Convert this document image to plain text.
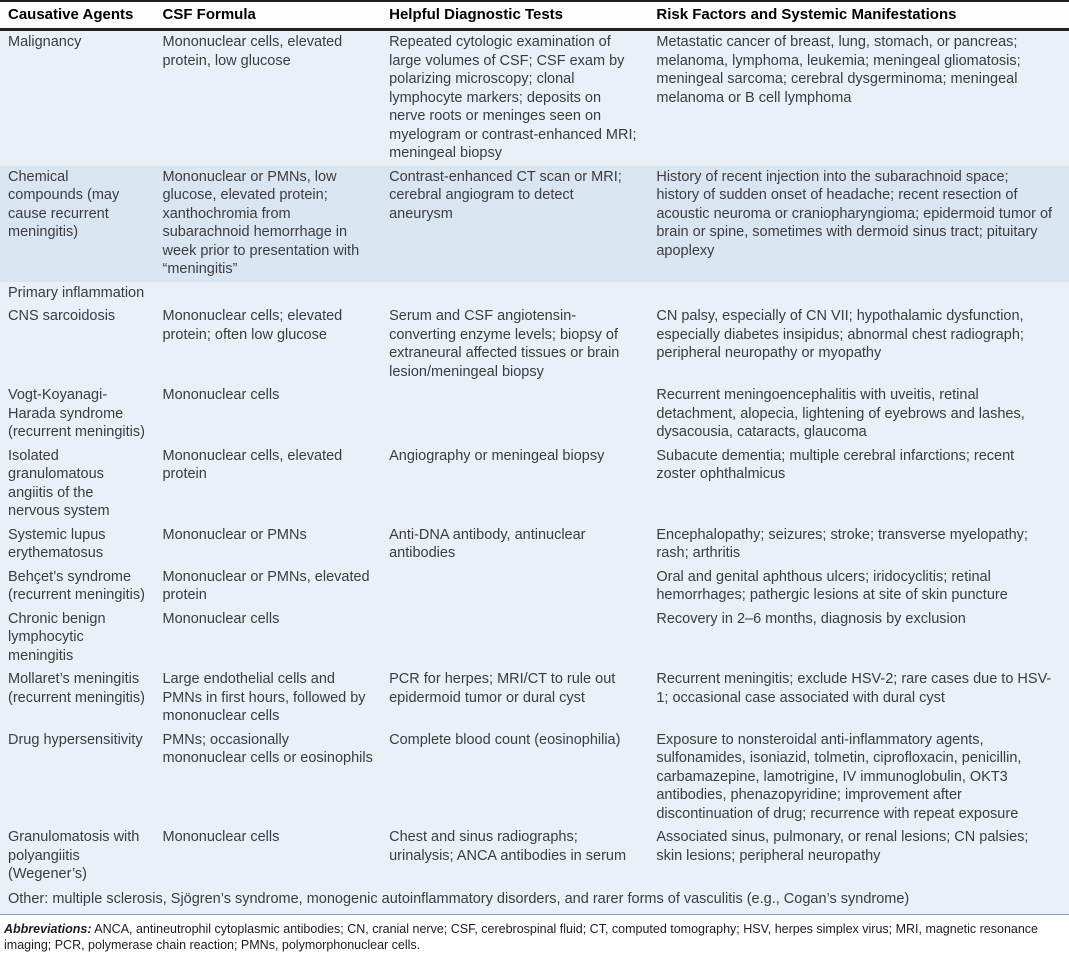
Causative Agents	CSF Formula	Helpful Diagnostic Tests	Risk Factors and Systemic Manifestations
Malignancy	Mononuclear cells, elevated protein, low glucose	Repeated cytologic examination of large volumes of CSF; CSF exam by polarizing microscopy; clonal lymphocyte markers; deposits on nerve roots or meninges seen on myelogram or contrast-enhanced MRI; meningeal biopsy	Metastatic cancer of breast, lung, stomach, or pancreas; melanoma, lymphoma, leukemia; meningeal gliomatosis; meningeal sarcoma; cerebral dysgerminoma; meningeal melanoma or B cell lymphoma
Chemical compounds (may cause recurrent meningitis)	Mononuclear or PMNs, low glucose, elevated protein; xanthochromia from subarachnoid hemorrhage in week prior to presentation with “meningitis”	Contrast-enhanced CT scan or MRI; cerebral angiogram to detect aneurysm	History of recent injection into the subarachnoid space; history of sudden onset of headache; recent resection of acoustic neuroma or craniopharyngioma; epidermoid tumor of brain or spine, sometimes with dermoid sinus tract; pituitary apoplexy
Primary inflammation			
CNS sarcoidosis	Mononuclear cells; elevated protein; often low glucose	Serum and CSF angiotensin-converting enzyme levels; biopsy of extraneural affected tissues or brain lesion/meningeal biopsy	CN palsy, especially of CN VII; hypothalamic dysfunction, especially diabetes insipidus; abnormal chest radiograph; peripheral neuropathy or myopathy
Vogt-Koyanagi-Harada syndrome (recurrent meningitis)	Mononuclear cells		Recurrent meningoencephalitis with uveitis, retinal detachment, alopecia, lightening of eyebrows and lashes, dysacousia, cataracts, glaucoma
Isolated granulomatous angiitis of the nervous system	Mononuclear cells, elevated protein	Angiography or meningeal biopsy	Subacute dementia; multiple cerebral infarctions; recent zoster ophthalmicus
Systemic lupus erythematosus	Mononuclear or PMNs	Anti-DNA antibody, antinuclear antibodies	Encephalopathy; seizures; stroke; transverse myelopathy; rash; arthritis
Behçet’s syndrome (recurrent meningitis)	Mononuclear or PMNs, elevated protein		Oral and genital aphthous ulcers; iridocyclitis; retinal hemorrhages; pathergic lesions at site of skin puncture
Chronic benign lymphocytic meningitis	Mononuclear cells		Recovery in 2–6 months, diagnosis by exclusion
Mollaret’s meningitis (recurrent meningitis)	Large endothelial cells and PMNs in first hours, followed by mononuclear cells	PCR for herpes; MRI/CT to rule out epidermoid tumor or dural cyst	Recurrent meningitis; exclude HSV-2; rare cases due to HSV-1; occasional case associated with dural cyst
Drug hypersensitivity	PMNs; occasionally mononuclear cells or eosinophils	Complete blood count (eosinophilia)	Exposure to nonsteroidal anti-inflammatory agents, sulfonamides, isoniazid, tolmetin, ciprofloxacin, penicillin, carbamazepine, lamotrigine, IV immunoglobulin, OKT3 antibodies, phenazopyridine; improvement after discontinuation of drug; recurrence with repeat exposure
Granulomatosis with polyangiitis (Wegener’s)	Mononuclear cells	Chest and sinus radiographs; urinalysis; ANCA antibodies in serum	Associated sinus, pulmonary, or renal lesions; CN palsies; skin lesions; peripheral neuropathy
Other: multiple sclerosis, Sjögren’s syndrome, monogenic autoinflammatory disorders, and rarer forms of vasculitis (e.g., Cogan’s syndrome)
Abbreviations: ANCA, antineutrophil cytoplasmic antibodies; CN, cranial nerve; CSF, cerebrospinal fluid; CT, computed tomography; HSV, herpes simplex virus; MRI, magnetic resonance imaging; PCR, polymerase chain reaction; PMNs, polymorphonuclear cells.
